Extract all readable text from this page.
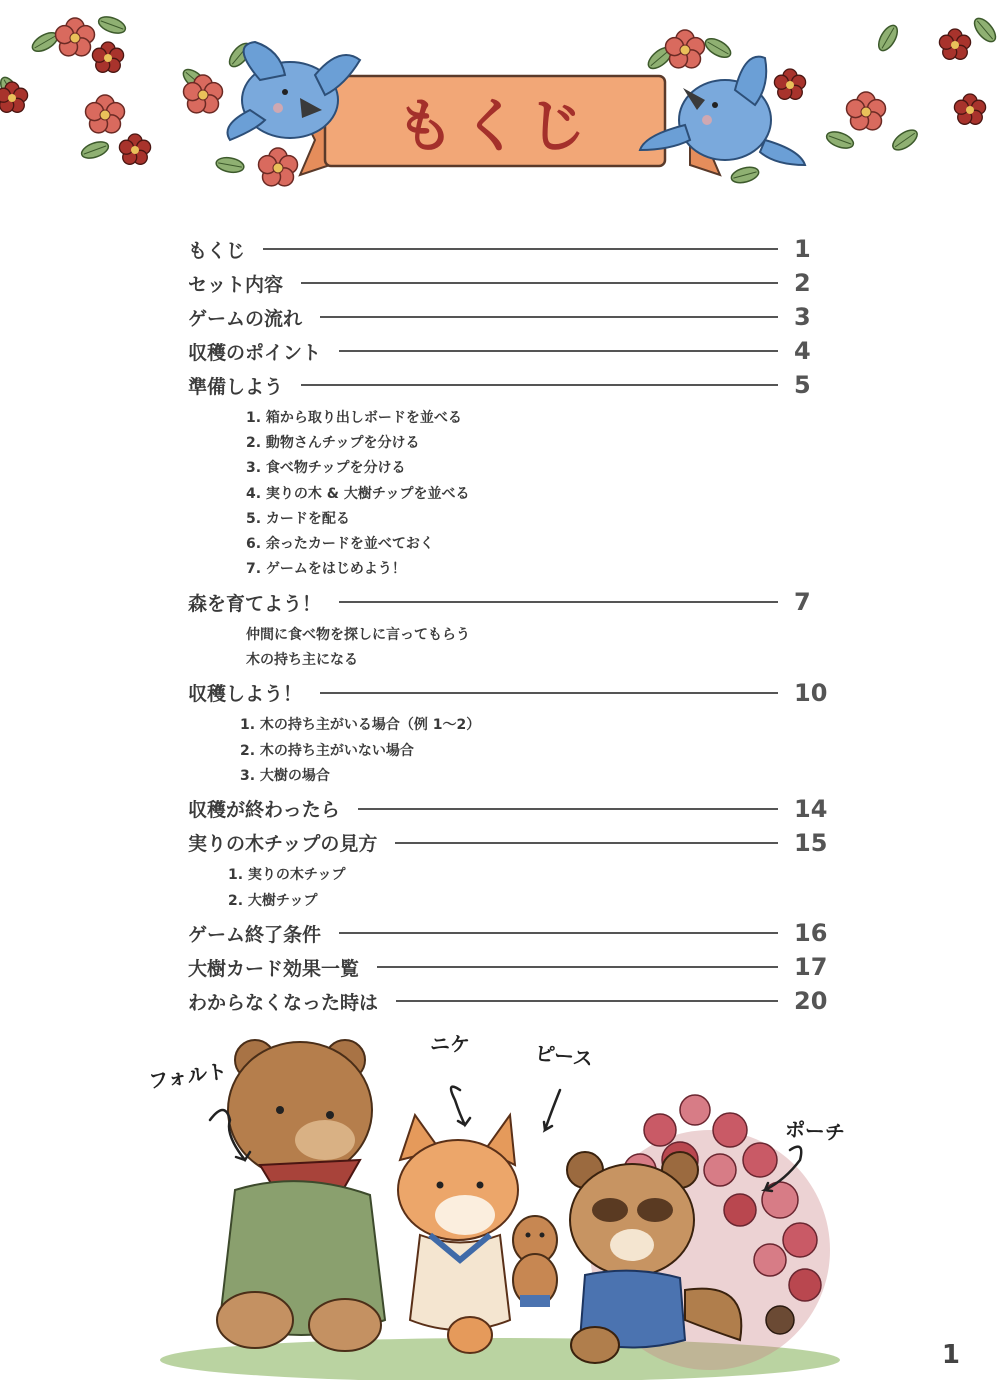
もくじ
もくじ	1
セット内容	2
ゲームの流れ	3
収穫のポイント	4
準備しよう	5
1. 箱から取り出しボードを並べる
2. 動物さんチップを分ける
3. 食べ物チップを分ける
4. 実りの木 & 大樹チップを並べる
5. カードを配る
6. 余ったカードを並べておく
7. ゲームをはじめよう！
森を育てよう！	7
仲間に食べ物を探しに言ってもらう
木の持ち主になる
収穫しよう！	10
1. 木の持ち主がいる場合（例 1～2）
2. 木の持ち主がいない場合
3. 大樹の場合
収穫が終わったら	14
実りの木チップの見方	15
1. 実りの木チップ
2. 大樹チップ
ゲーム終了条件	16
大樹カード効果一覧	17
わからなくなった時は	20
フォルト
ニケ	ピース
ポーチ
1
